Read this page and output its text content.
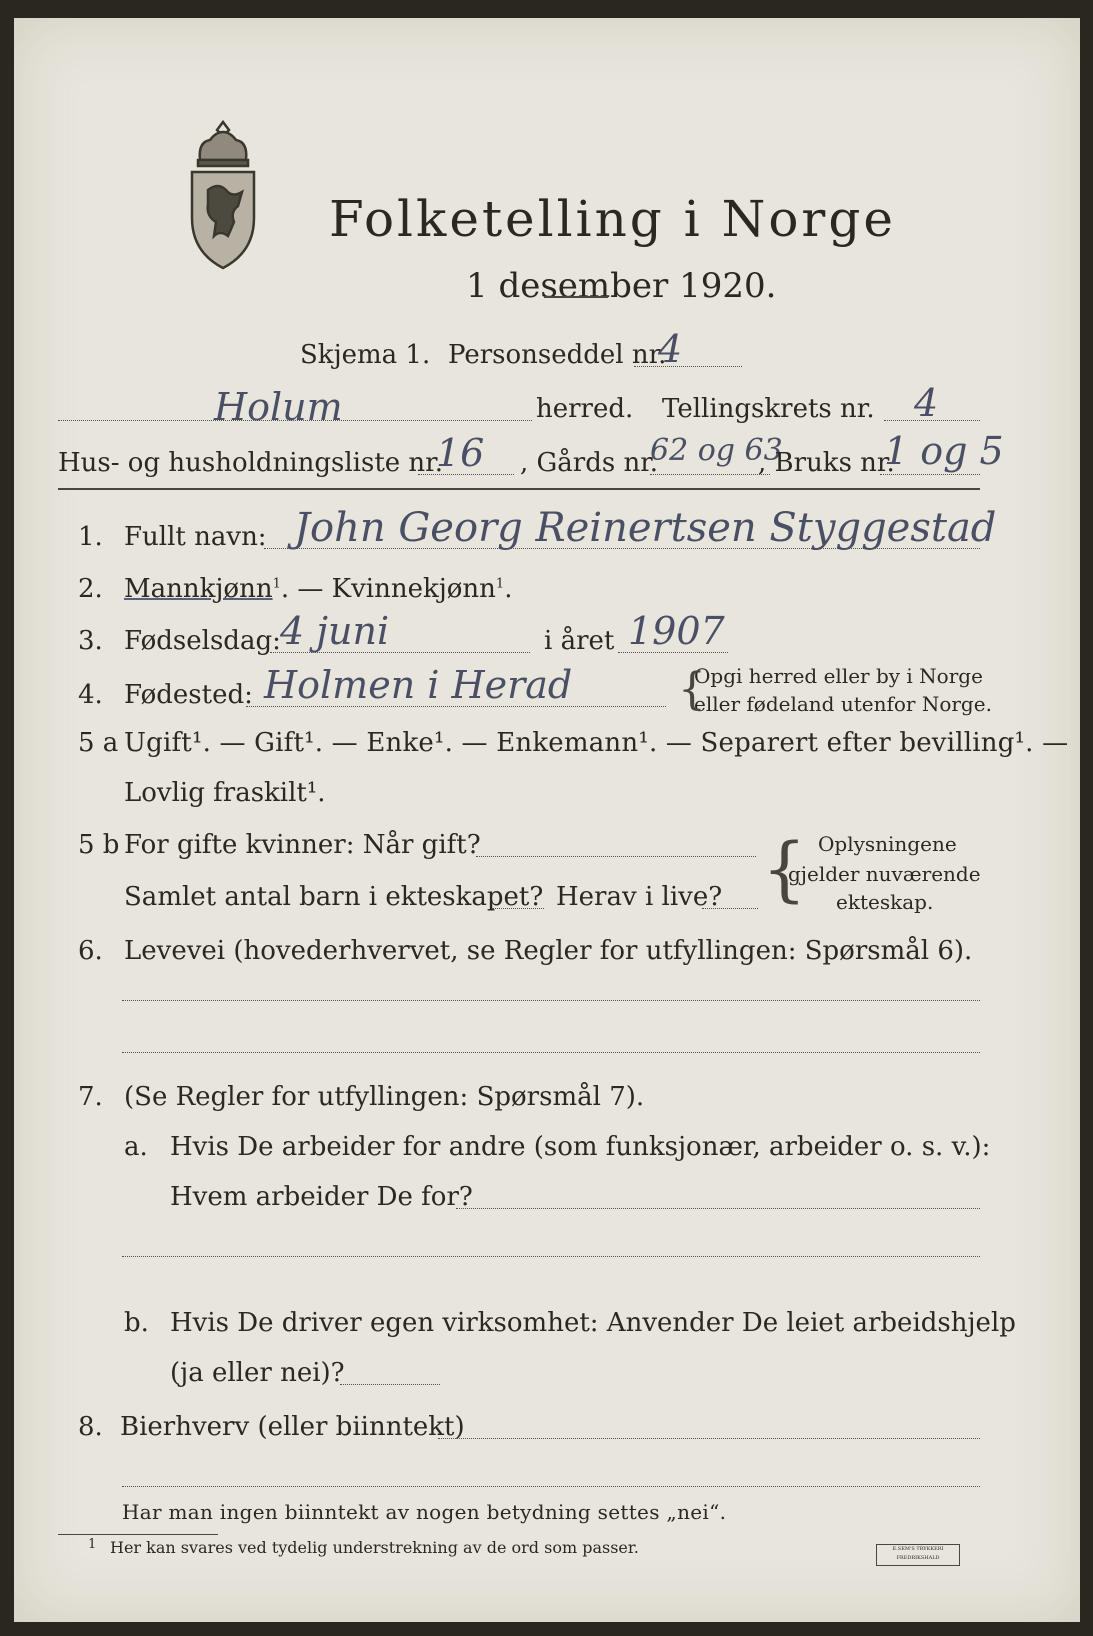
Folketelling i Norge
1 desember 1920.
Skjema 1. Personseddel nr.
4
Holum	herred. Tellingskrets nr. 4
Hus- og husholdningsliste nr.
16 , Gårds nr.
62 og 63
, Bruks nr.
1 og 5
1. Fullt navn: John Georg Reinertsen Styggestad
2. Mannkjønn$^1$. — Kvinnekjønn$^1$.
3. Fødselsdag: 4 juni	i året 1907
4. Fødested: Holmen i Herad	Opgi herred eller by i Norge
eller fødeland utenfor Norge.
{
5 a Ugift¹. — Gift¹. — Enke¹. — Enkemann¹. — Separert efter bevilling¹. —
Lovlig fraskilt¹.
5 b For gifte kvinner: Når gift?
Samlet antal barn i ekteskapet? Herav i live? { Oplysningene
gjelder nuværende
ekteskap.
6. Levevei (hovederhvervet, se Regler for utfyllingen: Spørsmål 6).
7. (Se Regler for utfyllingen: Spørsmål 7).
a. Hvis De arbeider for andre (som funksjonær, arbeider o. s. v.):
Hvem arbeider De for?
b. Hvis De driver egen virksomhet: Anvender De leiet arbeidshjelp
(ja eller nei)?
8. Bierhverv (eller biinntekt)
Har man ingen biinntekt av nogen betydning settes „nei“.
1 Her kan svares ved tydelig understrekning av de ord som passer.	E.SEM'S TRYKKERI FREDRIKSHALD
